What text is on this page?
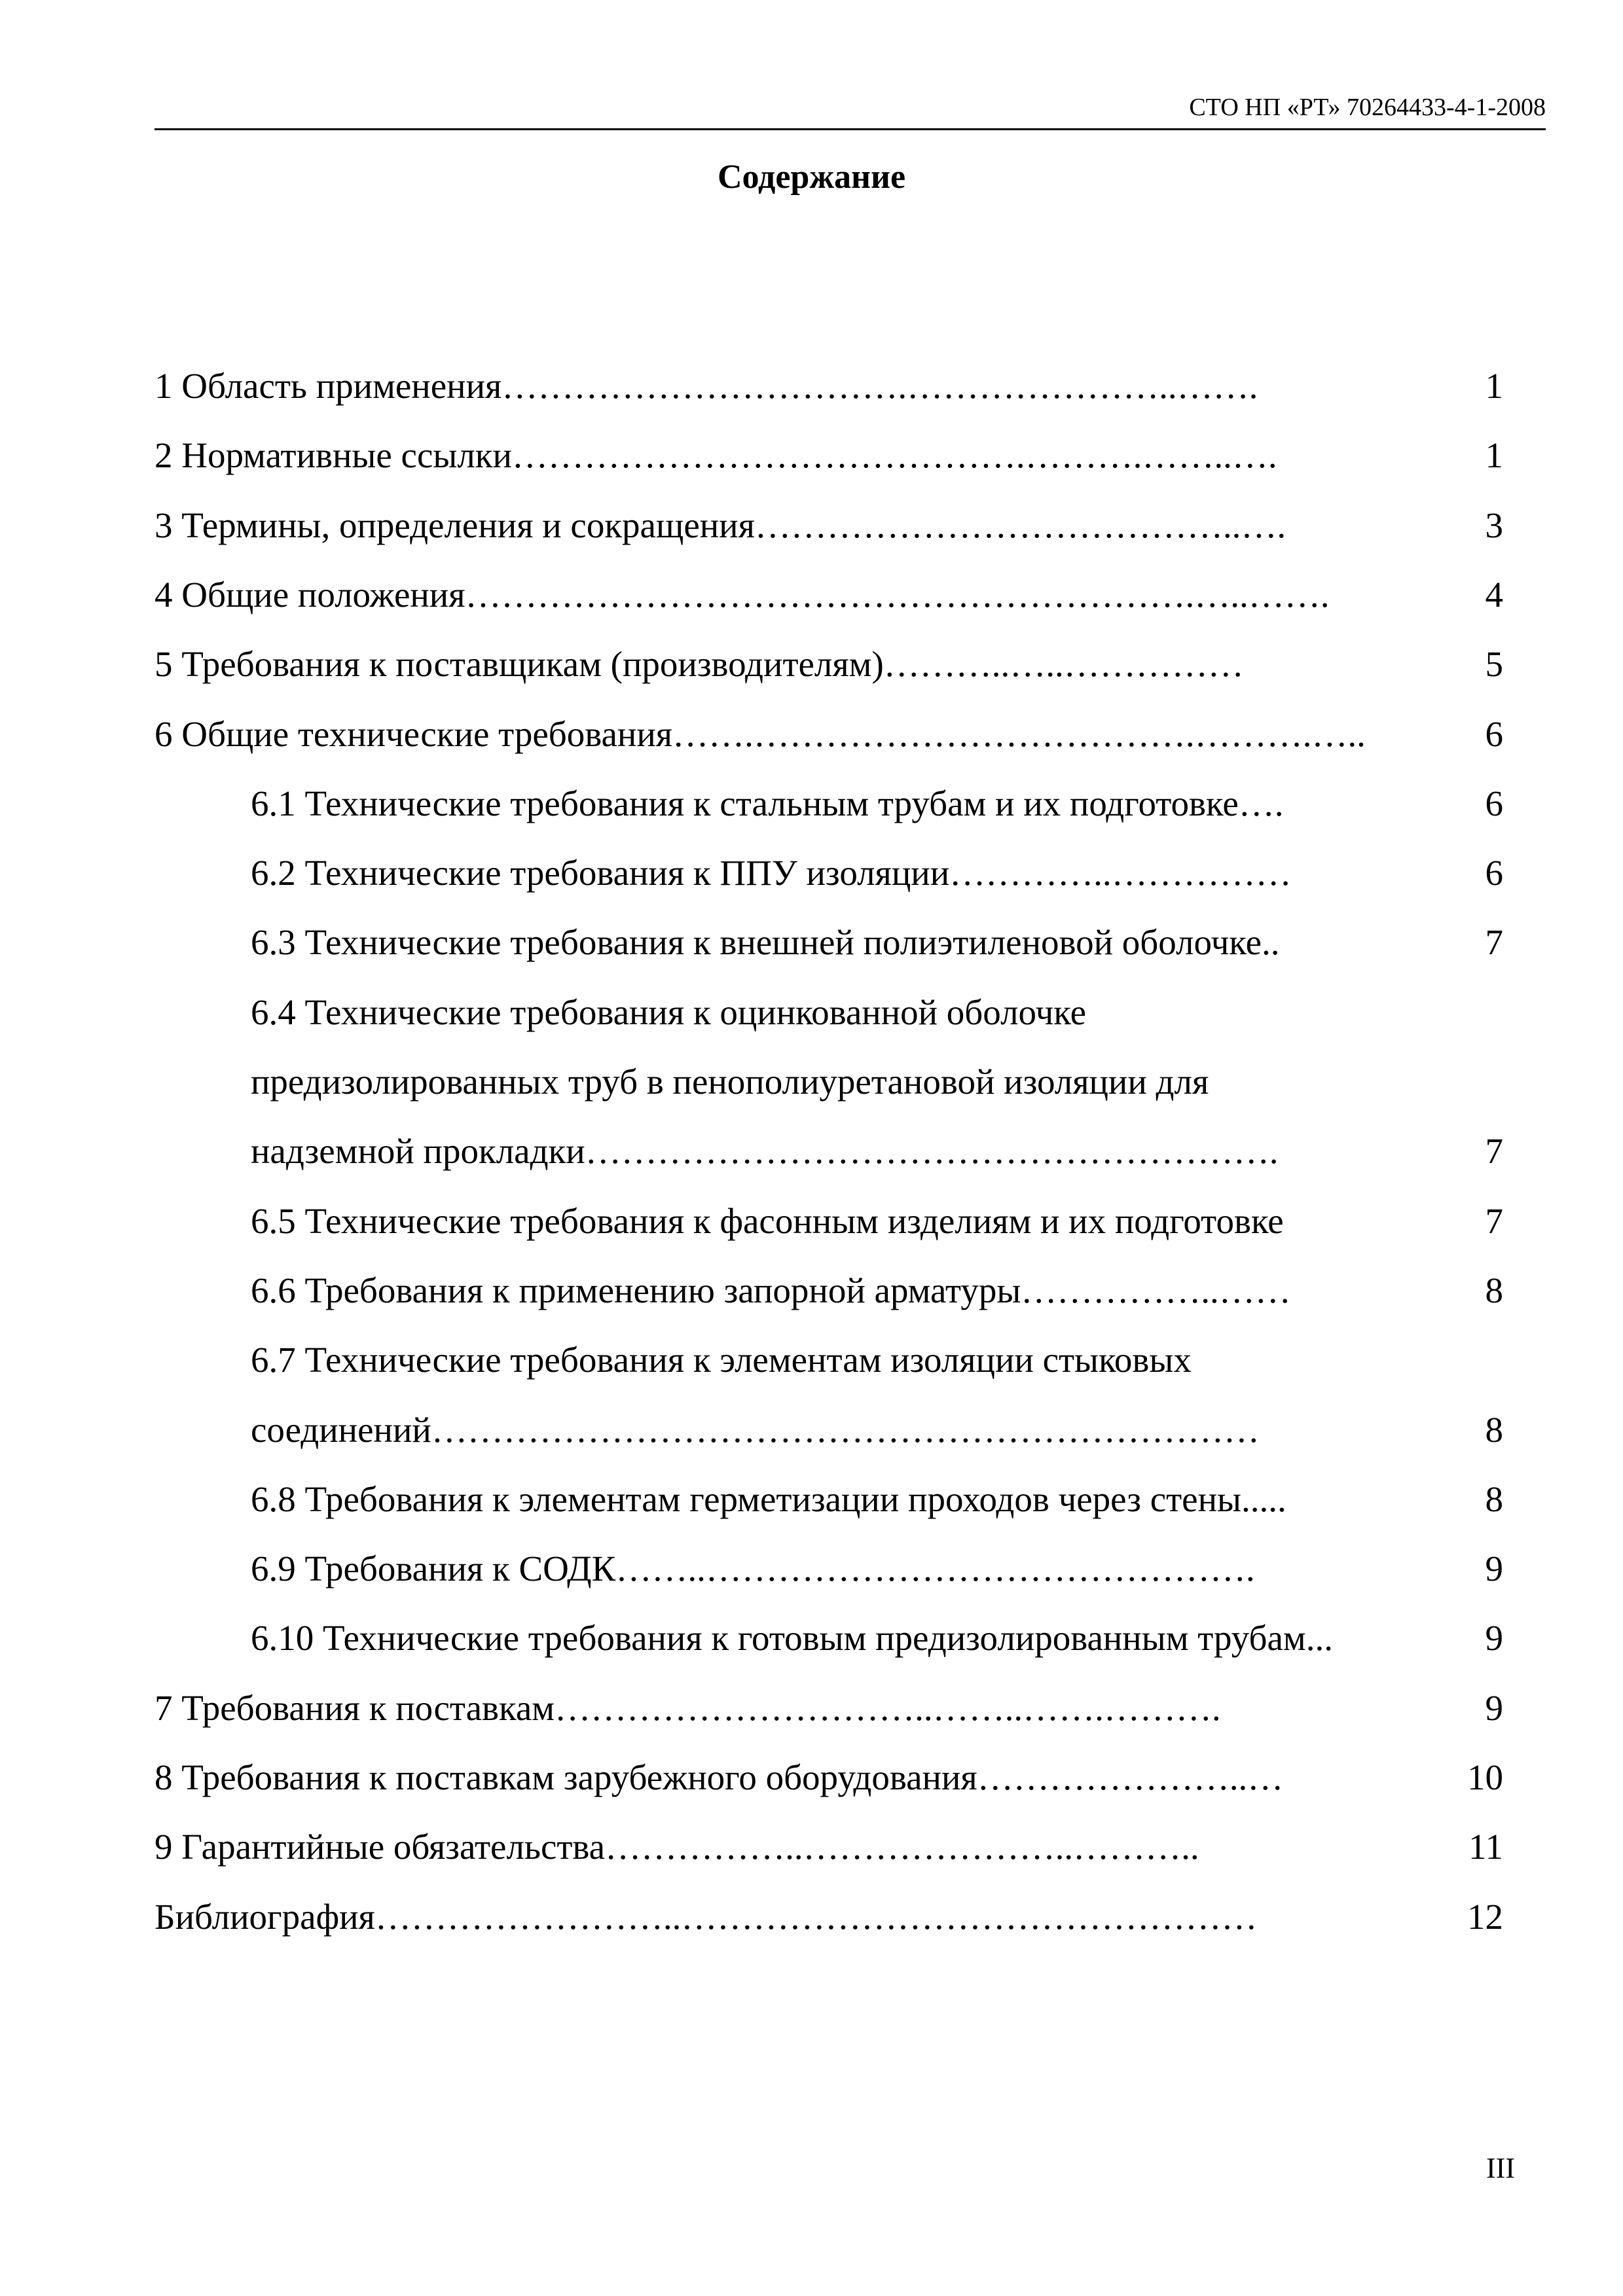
СТО НП «РТ» 70264433-4-1-2008
Содержание
1 Область применения…………………………….…………………..…….	1
2 Нормативные ссылки…………………………………….……….……..….	1
3 Термины, определения и сокращения…………………………………..….	3
4 Общие положения…………………………………………………….…..…….	4
5 Требования к поставщикам (производителям)………..…..……………	5
6 Общие технические требования…….……………………………….……….…..	6
6.1 Технические требования к стальным трубам и их подготовке….	6
6.2 Технические требования к ППУ изоляции…………..……………	6
6.3 Технические требования к внешней полиэтиленовой оболочке..	7
6.4 Технические требования к оцинкованной оболочке
предизолированных труб в пенополиуретановой изоляции для
надземной прокладки………………………………………………….	7
6.5 Технические требования к фасонным изделиям и их подготовке	7
6.6 Требования к применению запорной арматуры……………..……	8
6.7 Технические требования к элементам изоляции стыковых
соединений……………………………………………………………	8
6.8 Требования к элементам герметизации проходов через стены.....	8
6.9 Требования к СОДК……..……………………………………….	9
6.10 Технические требования к готовым предизолированным трубам...	9
7 Требования к поставкам…………………………..……..…….……….	9
8 Требования к поставкам зарубежного оборудования…………………..…	10
9 Гарантийные обязательства……………..…………………..………..	11
Библиография……………………..…………………………………………	12
III
